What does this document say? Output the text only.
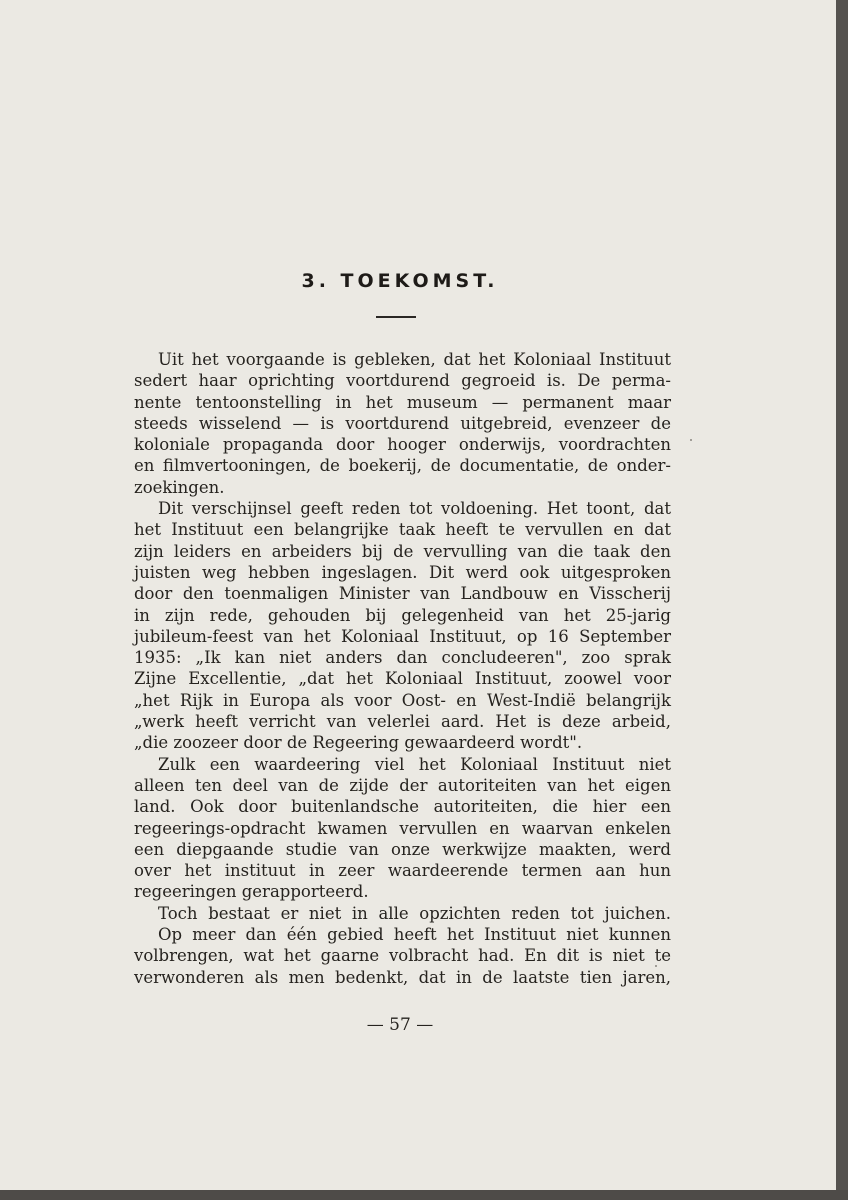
3. TOEKOMST.
Uit het voorgaande is gebleken, dat het Koloniaal Instituut
sedert haar oprichting voortdurend gegroeid is. De perma-
nente tentoonstelling in het museum — permanent maar
steeds wisselend — is voortdurend uitgebreid, evenzeer de
koloniale propaganda door hooger onderwijs, voordrachten
en filmvertooningen, de boekerij, de documentatie, de onder-
zoekingen.
Dit verschijnsel geeft reden tot voldoening. Het toont, dat
het Instituut een belangrijke taak heeft te vervullen en dat
zijn leiders en arbeiders bij de vervulling van die taak den
juisten weg hebben ingeslagen. Dit werd ook uitgesproken
door den toenmaligen Minister van Landbouw en Visscherij
in zijn rede, gehouden bij gelegenheid van het 25-jarig
jubileum-feest van het Koloniaal Instituut, op 16 September
1935: „Ik kan niet anders dan concludeeren", zoo sprak
Zijne Excellentie, „dat het Koloniaal Instituut, zoowel voor
„het Rijk in Europa als voor Oost- en West-Indië belangrijk
„werk heeft verricht van velerlei aard. Het is deze arbeid,
„die zoozeer door de Regeering gewaardeerd wordt".
Zulk een waardeering viel het Koloniaal Instituut niet
alleen ten deel van de zijde der autoriteiten van het eigen
land. Ook door buitenlandsche autoriteiten, die hier een
regeerings-opdracht kwamen vervullen en waarvan enkelen
een diepgaande studie van onze werkwijze maakten, werd
over het instituut in zeer waardeerende termen aan hun
regeeringen gerapporteerd.
Toch bestaat er niet in alle opzichten reden tot juichen.
Op meer dan één gebied heeft het Instituut niet kunnen
volbrengen, wat het gaarne volbracht had. En dit is niet te
verwonderen als men bedenkt, dat in de laatste tien jaren,
— 57 —
